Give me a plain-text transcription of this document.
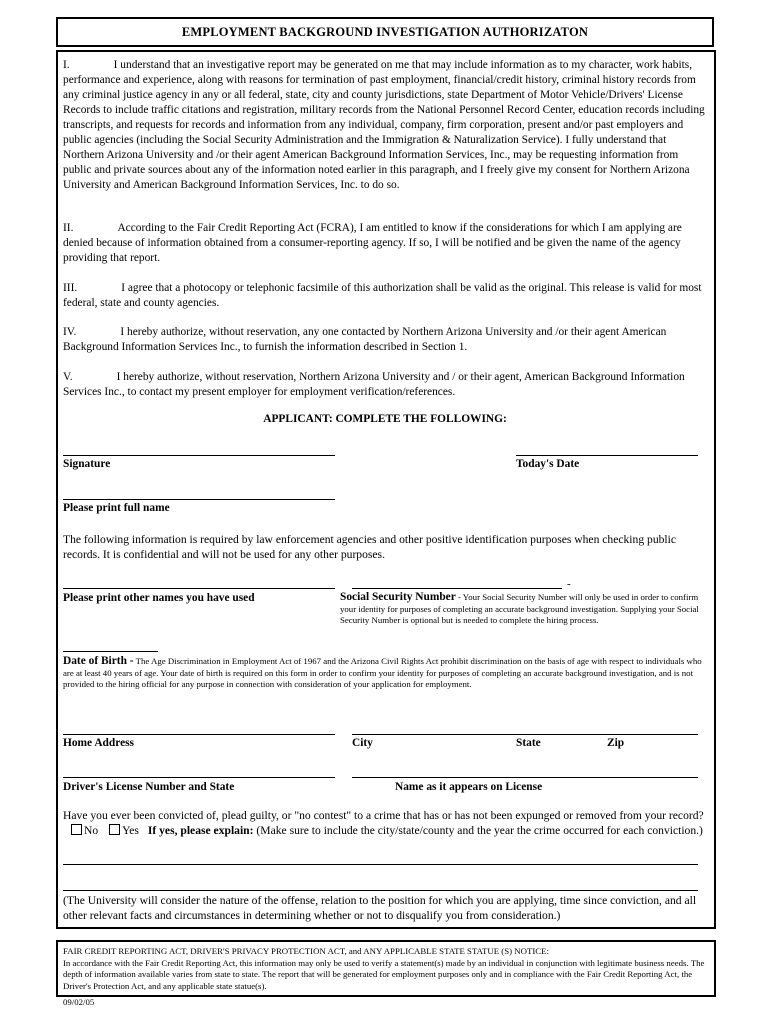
EMPLOYMENT BACKGROUND INVESTIGATION AUTHORIZATON
I.	I understand that an investigative report may be generated on me that may include information as to my character, work habits, performance and experience, along with reasons for termination of past employment, financial/credit history, criminal history records from any criminal justice agency in any or all federal, state, city and county jurisdictions, state Department of Motor Vehicle/Drivers' License Records to include traffic citations and registration, military records from the National Personnel Record Center, education records including transcripts, and requests for records and information from any individual, company, firm corporation, present and/or past employers and public agencies (including the Social Security Administration and the Immigration & Naturalization Service). I fully understand that Northern Arizona University and /or their agent American Background Information Services, Inc., may be requesting information from public and private sources about any of the information noted earlier in this paragraph, and I freely give my consent for Northern Arizona University and American Background Information Services, Inc. to do so.
II.	According to the Fair Credit Reporting Act (FCRA), I am entitled to know if the considerations for which I am applying are denied because of information obtained from a consumer-reporting agency. If so, I will be notified and be given the name of the agency providing that report.
III.	I agree that a photocopy or telephonic facsimile of this authorization shall be valid as the original. This release is valid for most federal, state and county agencies.
IV.	I hereby authorize, without reservation, any one contacted by Northern Arizona University and /or their agent American Background Information Services Inc., to furnish the information described in Section 1.
V.	I hereby authorize, without reservation, Northern Arizona University and / or their agent, American Background Information Services Inc., to contact my present employer for employment verification/references.
APPLICANT: COMPLETE THE FOLLOWING:
Signature	Today's Date
Please print full name
The following information is required by law enforcement agencies and other positive identification purposes when checking public records. It is confidential and will not be used for any other purposes.
-
Please print other names you have used	Social Security Number - Your Social Security Number will only be used in order to confirm your identity for purposes of completing an accurate background investigation. Supplying your Social Security Number is optional but is needed to complete the hiring process.
Date of Birth - The Age Discrimination in Employment Act of 1967 and the Arizona Civil Rights Act prohibit discrimination on the basis of age with respect to individuals who are at least 40 years of age. Your date of birth is required on this form in order to confirm your identity for purposes of completing an accurate background investigation, and is not provided to the hiring official for any purpose in connection with consideration of your application for employment.
Home Address	City	State	Zip
Driver's License Number and State	Name as it appears on License
Have you ever been convicted of, plead guilty, or "no contest" to a crime that has or has not been expunged or removed from your record? No Yes If yes, please explain: (Make sure to include the city/state/county and the year the crime occurred for each conviction.)
(The University will consider the nature of the offense, relation to the position for which you are applying, time since conviction, and all other relevant facts and circumstances in determining whether or not to disqualify you from consideration.)
FAIR CREDIT REPORTING ACT, DRIVER'S PRIVACY PROTECTION ACT, and ANY APPLICABLE STATE STATUE (S) NOTICE:
In accordance with the Fair Credit Reporting Act, this information may only be used to verify a statement(s) made by an individual in conjunction with legitimate business needs. The depth of information available varies from state to state. The report that will be generated for employment purposes only and in compliance with the Fair Credit Reporting Act, the Driver's Protection Act, and any applicable state statue(s).
09/02/05
